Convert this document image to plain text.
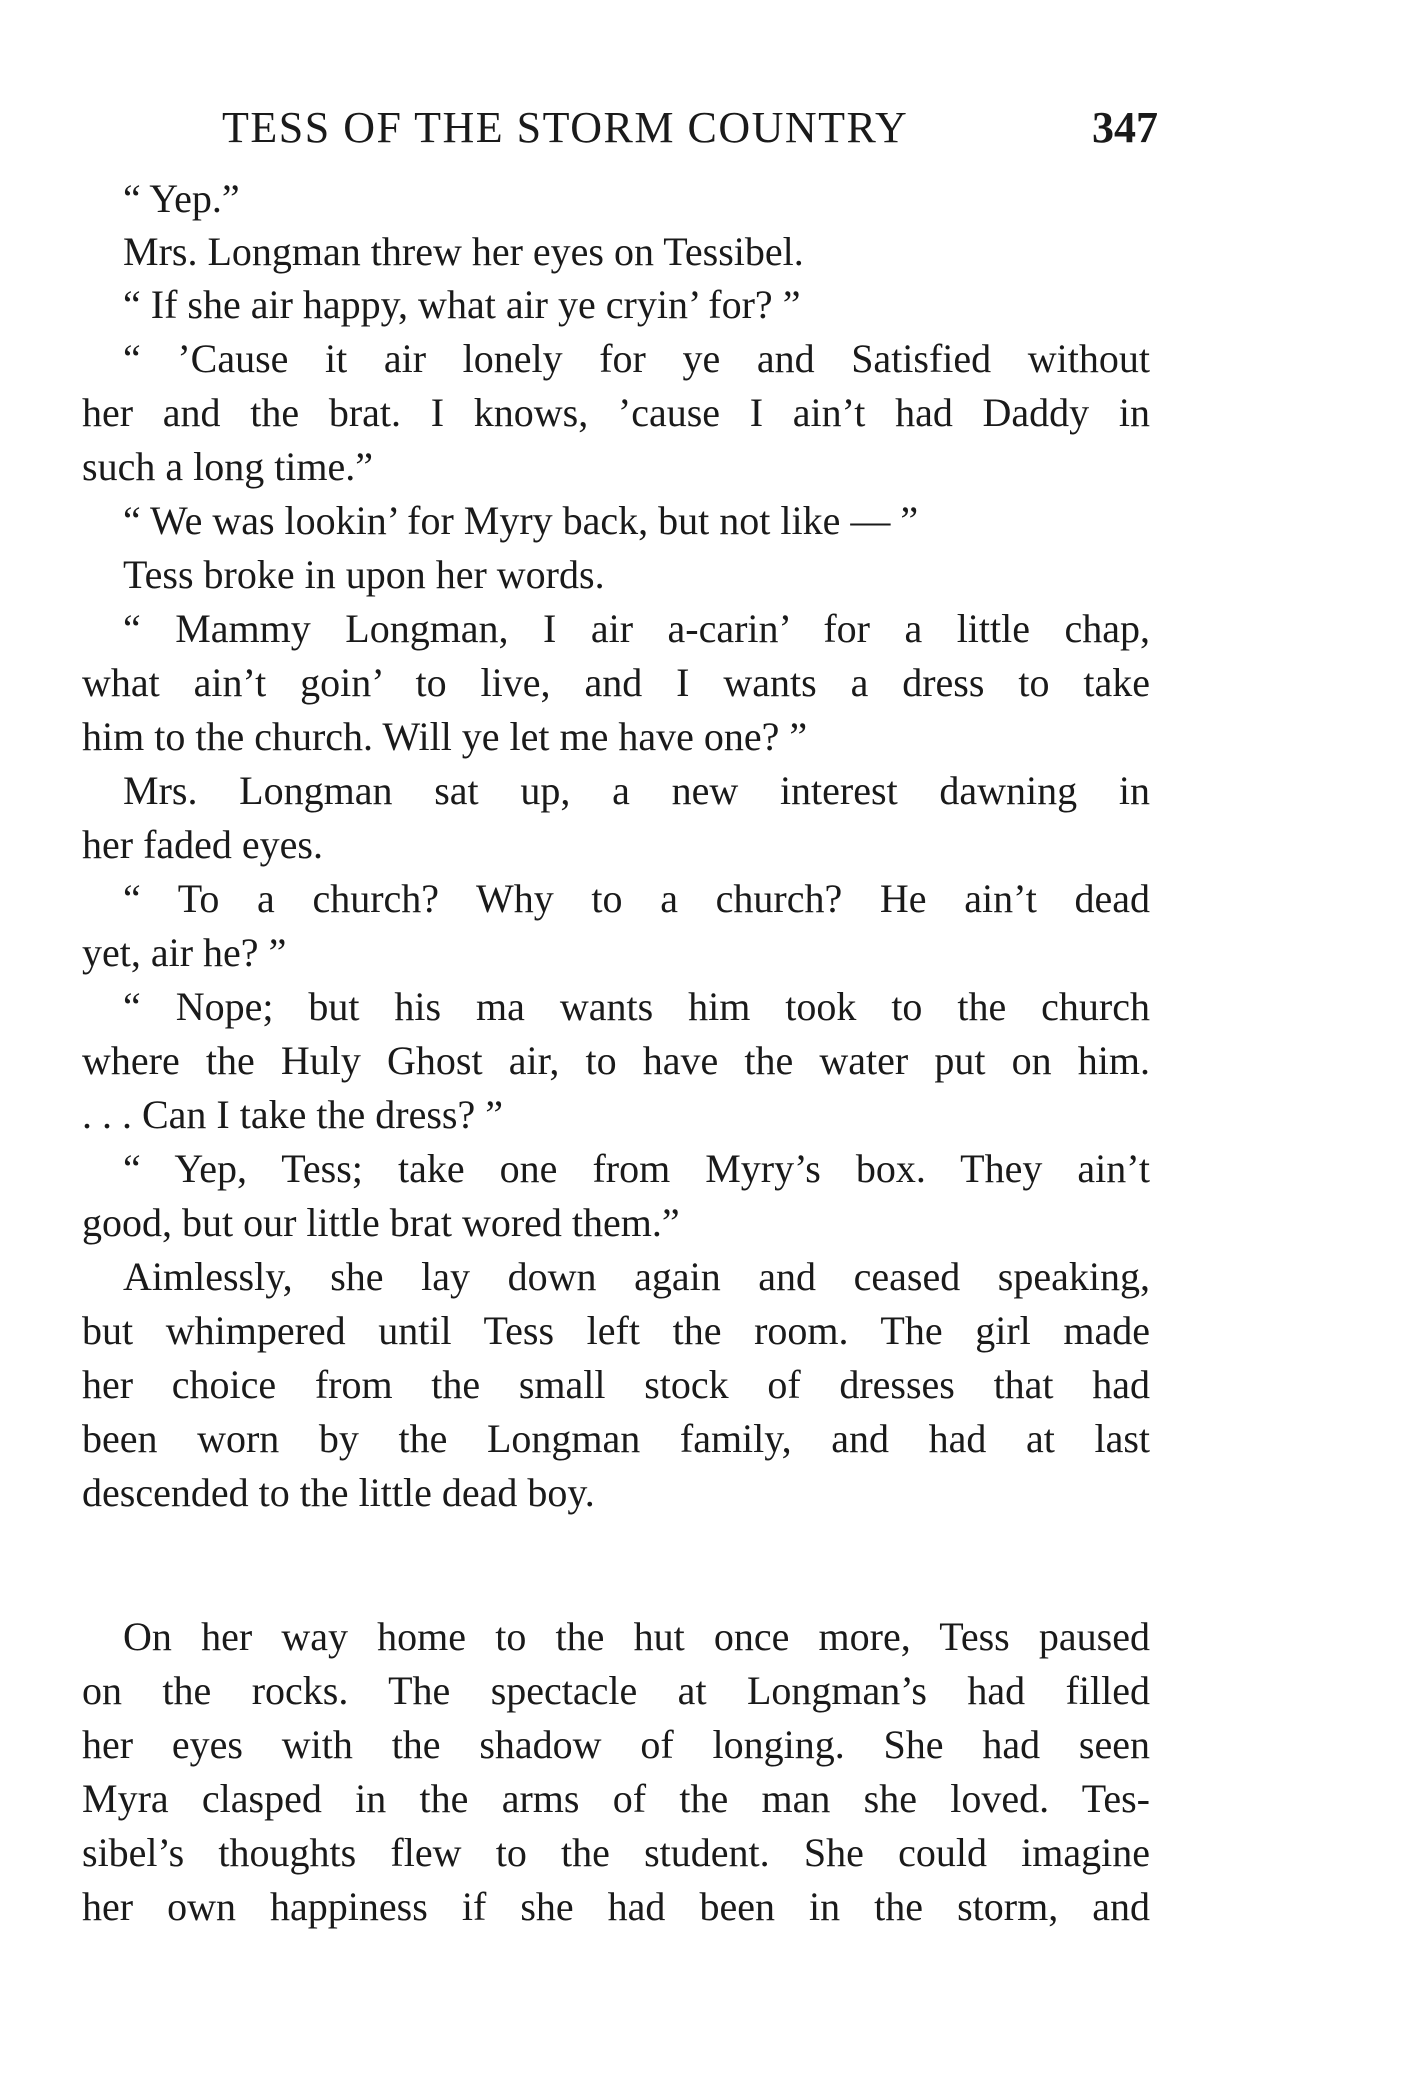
TESS OF THE STORM COUNTRY	347
“ Yep.”
Mrs. Longman threw her eyes on Tessibel.
“ If she air happy, what air ye cryin’ for? ”
“ ’Cause it air lonely for ye and Satisfied without
her and the brat. I knows, ’cause I ain’t had Daddy in
such a long time.”
“ We was lookin’ for Myry back, but not like — ”
Tess broke in upon her words.
“ Mammy Longman, I air a-carin’ for a little chap,
what ain’t goin’ to live, and I wants a dress to take
him to the church. Will ye let me have one? ”
Mrs. Longman sat up, a new interest dawning in
her faded eyes.
“ To a church? Why to a church? He ain’t dead
yet, air he? ”
“ Nope; but his ma wants him took to the church
where the Huly Ghost air, to have the water put on him.
. . . Can I take the dress? ”
“ Yep, Tess; take one from Myry’s box. They ain’t
good, but our little brat wored them.”
Aimlessly, she lay down again and ceased speaking,
but whimpered until Tess left the room. The girl made
her choice from the small stock of dresses that had
been worn by the Longman family, and had at last
descended to the little dead boy.
On her way home to the hut once more, Tess paused
on the rocks. The spectacle at Longman’s had filled
her eyes with the shadow of longing. She had seen
Myra clasped in the arms of the man she loved. Tes-
sibel’s thoughts flew to the student. She could imagine
her own happiness if she had been in the storm, and
